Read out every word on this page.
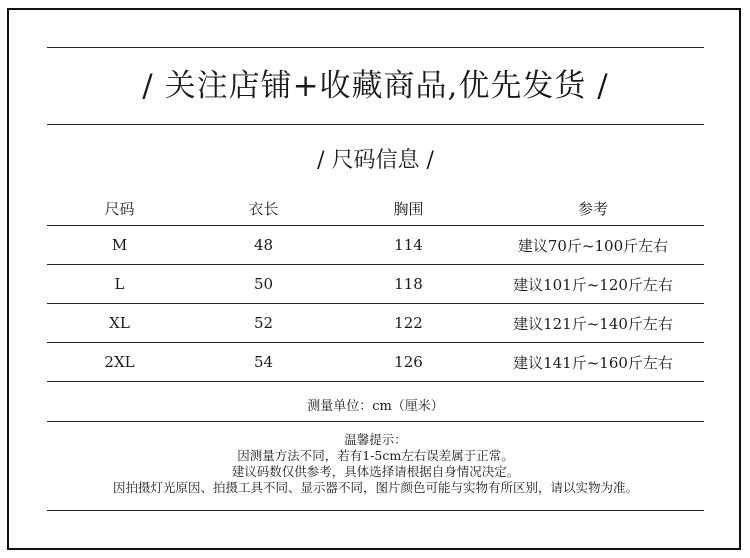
/ 关注店铺+收藏商品,优先发货 /
/ 尺码信息 /
尺码	衣长	胸围	参考
M	48	114	建议70斤~100斤左右
L	50	118	建议101斤~120斤左右
XL	52	122	建议121斤~140斤左右
2XL	54	126	建议141斤~160斤左右
测量单位：cm（厘米）
温馨提示：
因测量方法不同，若有1-5cm左右误差属于正常。
建议码数仅供参考，具体选择请根据自身情况决定。
因拍摄灯光原因、拍摄工具不同、显示器不同，图片颜色可能与实物有所区别，请以实物为准。
